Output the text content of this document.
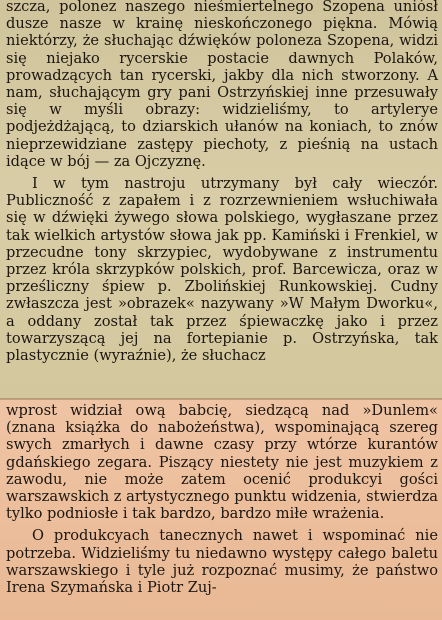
szcza, polonez naszego nieśmiertelnego Szopena uniósł dusze nasze w krainę nieskończonego piękna. Mówią niektórzy, że słuchając dźwięków poloneza Szopena, widzi się niejako rycerskie postacie dawnych Polaków, prowadzących tan rycerski, jakby dla nich stworzony. A nam, słuchającym gry pani Ostrzyńskiej inne przesuwały się w myśli obrazy: widzieliśmy, to artylerye podjeżdżającą, to dziarskich ułanów na koniach, to znów nieprzewidziane zastępy piechoty, z pieśnią na ustach idące w bój — za Ojczyznę.

I w tym nastroju utrzymany był cały wieczór. Publiczność z zapałem i z rozrzewnieniem wsłuchiwała się w dźwięki żywego słowa polskiego, wygłaszane przez tak wielkich artystów słowa jak pp. Kamiński i Frenkiel, w przecudne tony skrzypiec, wydobywane z instrumentu przez króla skrzypków polskich, prof. Barcewicza, oraz w prześliczny śpiew p. Zbolińskiej Runkowskiej. Cudny zwłaszcza jest »obrazek« nazywany »W Małym Dworku«, a oddany został tak przez śpiewaczkę jako i przez towarzyszącą jej na fortepianie p. Ostrzyńska, tak plastycznie (wyraźnie), że słuchacz

wprost widział ową babcię, siedzącą nad »Dunlem« (znana książka do nabożeństwa), wspominającą szereg swych zmarłych i dawne czasy przy wtórze kurantów gdańskiego zegara. Piszący niestety nie jest muzykiem z zawodu, nie może zatem ocenić produkcyi gości warszawskich z artystycznego punktu widzenia, stwierdza tylko podniosłe i tak bardzo, bardzo miłe wrażenia.

O produkcyach tanecznych nawet i wspominać nie potrzeba. Widzieliśmy tu niedawno występy całego baletu warszawskiego i tyle już rozpoznać musimy, że państwo Irena Szymańska i Piotr Zuj-
